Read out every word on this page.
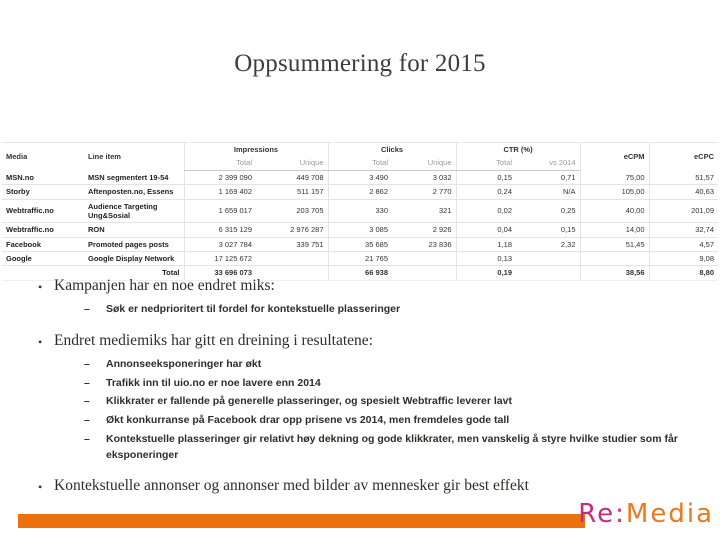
Oppsummering for 2015
Media	Line item	Impressions		Clicks		CTR (%)		eCPM	eCPC
		Total	Unique	Total	Unique	Total	vs 2014		
MSN.no	MSN segmentert 19-54	2 399 090	449 708	3 490	3 032	0,15	0,71	75,00	51,57
Storby	Aftenposten.no, Essens	1 169 402	511 157	2 862	2 770	0,24	N/A	105,00	40,63
Webtraffic.no	Audience Targeting Ung&Sosial	1 659 017	203 705	330	321	0,02	0,25	40,00	201,09
Webtraffic.no	RON	6 315 129	2 976 287	3 085	2 926	0,04	0,15	14,00	32,74
Facebook	Promoted pages posts	3 027 784	339 751	35 685	23 836	1,18	2,32	51,45	4,57
Google	Google Display Network	17 125 672		21 765		0,13			9,08
	Total	33 696 073		66 938		0,19		38,56	8,80
• Kampanjen har en noe endret miks:
–	Søk er nedprioritert til fordel for kontekstuelle plasseringer
• Endret mediemiks har gitt en dreining i resultatene:
–	Annonseeksponeringer har økt
–	Trafikk inn til uio.no er noe lavere enn 2014
–	Klikkrater er fallende på generelle plasseringer, og spesielt Webtraffic leverer lavt
–	Økt konkurranse på Facebook drar opp prisene vs 2014, men fremdeles gode tall
–	Kontekstuelle plasseringer gir relativt høy dekning og gode klikkrater, men vanskelig å styre hvilke studier som får eksponeringer
• Kontekstuelle annonser og annonser med bilder av mennesker gir best effekt
Re:Media
